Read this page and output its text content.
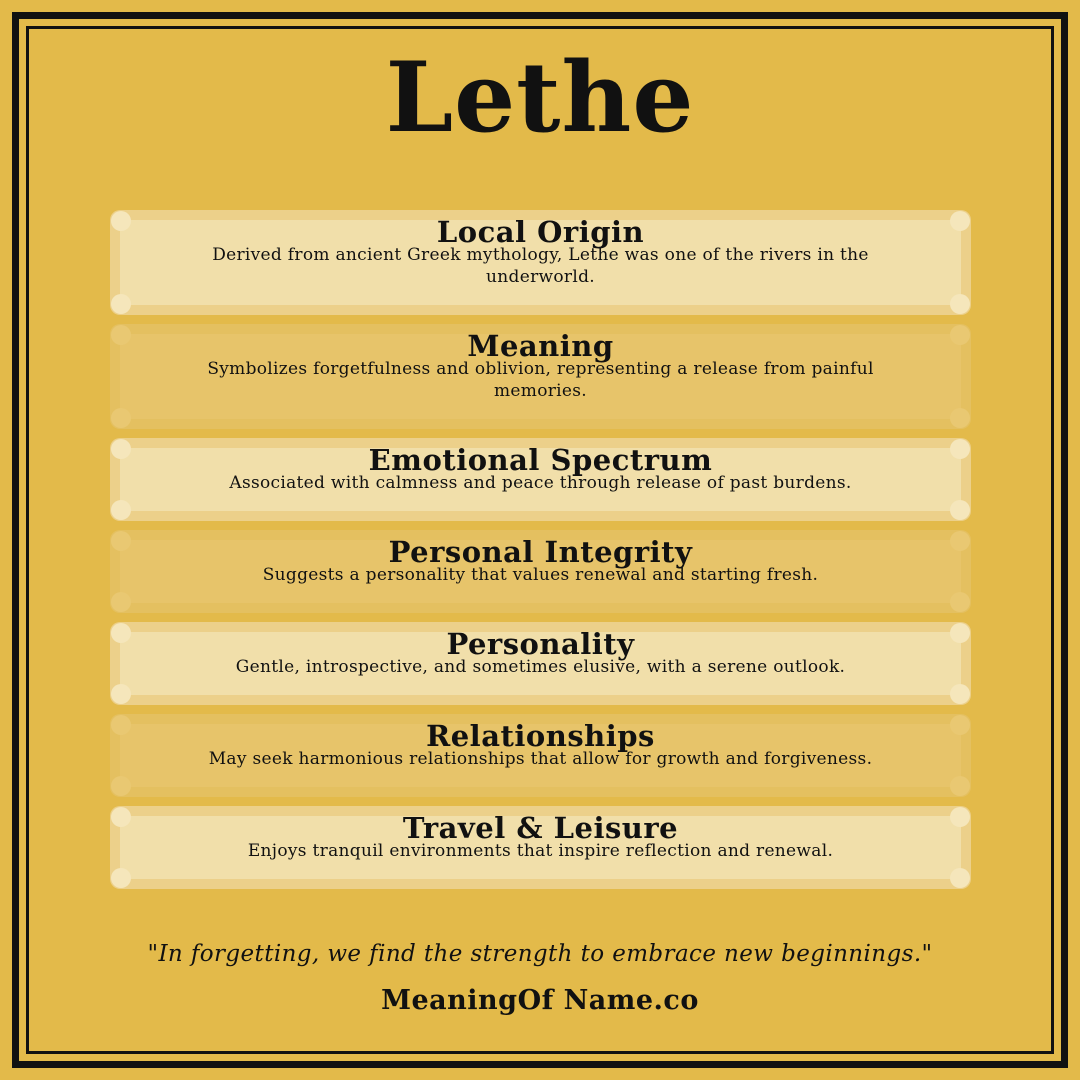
Lethe
Local Origin
Derived from ancient Greek mythology, Lethe was one of the rivers in the underworld.
Meaning
Symbolizes forgetfulness and oblivion, representing a release from painful memories.
Emotional Spectrum
Associated with calmness and peace through release of past burdens.
Personal Integrity
Suggests a personality that values renewal and starting fresh.
Personality
Gentle, introspective, and sometimes elusive, with a serene outlook.
Relationships
May seek harmonious relationships that allow for growth and forgiveness.
Travel & Leisure
Enjoys tranquil environments that inspire reflection and renewal.
"In forgetting, we find the strength to embrace new beginnings."
MeaningOf Name.co
